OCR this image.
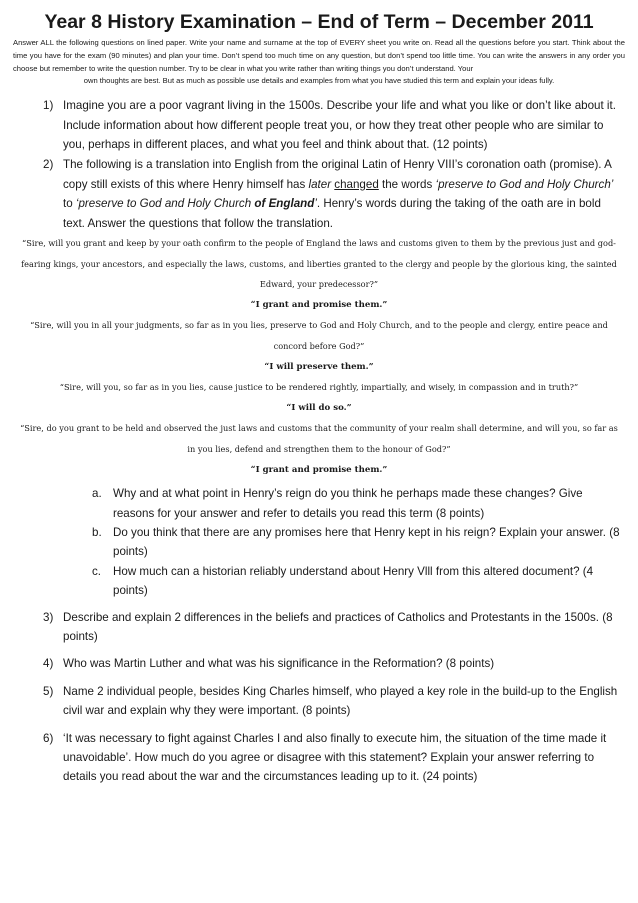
Year 8 History Examination – End of Term – December 2011

Answer ALL the following questions on lined paper. Write your name and surname at the top of EVERY sheet you write on. Read all the questions before you start. Think about the time you have for the exam (90 minutes) and plan your time. Don’t spend too much time on any question, but don’t spend too little time. You can write the answers in any order you choose but remember to write the question number. Try to be clear in what you write rather than writing things you don’t understand. Your
own thoughts are best. But as much as possible use details and examples from what you have studied this term and explain your ideas fully.

1) Imagine you are a poor vagrant living in the 1500s. Describe your life and what you like or don’t like about it. Include information about how different people treat you, or how they treat other people who are similar to you, perhaps in different places, and what you feel and think about that. (12 points)
2) The following is a translation into English from the original Latin of Henry VIII’s coronation oath (promise). A copy still exists of this where Henry himself has later changed the words ‘preserve to God and Holy Church’ to ‘preserve to God and Holy Church of England’. Henry’s words during the taking of the oath are in bold text. Answer the questions that follow the translation.

“Sire, will you grant and keep by your oath confirm to the people of England the laws and customs given to them by the previous just and god-fearing kings, your ancestors, and especially the laws, customs, and liberties granted to the clergy and people by the glorious king, the sainted Edward, your predecessor?”
“I grant and promise them.”

“Sire, will you in all your judgments, so far as in you lies, preserve to God and Holy Church, and to the people and clergy, entire peace and concord before God?”
“I will preserve them.”

“Sire, will you, so far as in you lies, cause justice to be rendered rightly, impartially, and wisely, in compassion and in truth?”
“I will do so.”

“Sire, do you grant to be held and observed the just laws and customs that the community of your realm shall determine, and will you, so far as in you lies, defend and strengthen them to the honour of God?”
“I grant and promise them.”

a. Why and at what point in Henry’s reign do you think he perhaps made these changes? Give reasons for your answer and refer to details you read this term (8 points)
b. Do you think that there are any promises here that Henry kept in his reign? Explain your answer. (8 points)
c. How much can a historian reliably understand about Henry Vlll from this altered document? (4 points)
3) Describe and explain 2 differences in the beliefs and practices of Catholics and Protestants in the 1500s. (8 points)
4) Who was Martin Luther and what was his significance in the Reformation? (8 points)
5) Name 2 individual people, besides King Charles himself, who played a key role in the build-up to the English civil war and explain why they were important. (8 points)
6) ‘It was necessary to fight against Charles I and also finally to execute him, the situation of the time made it unavoidable’. How much do you agree or disagree with this statement? Explain your answer referring to details you read about the war and the circumstances leading up to it. (24 points)
